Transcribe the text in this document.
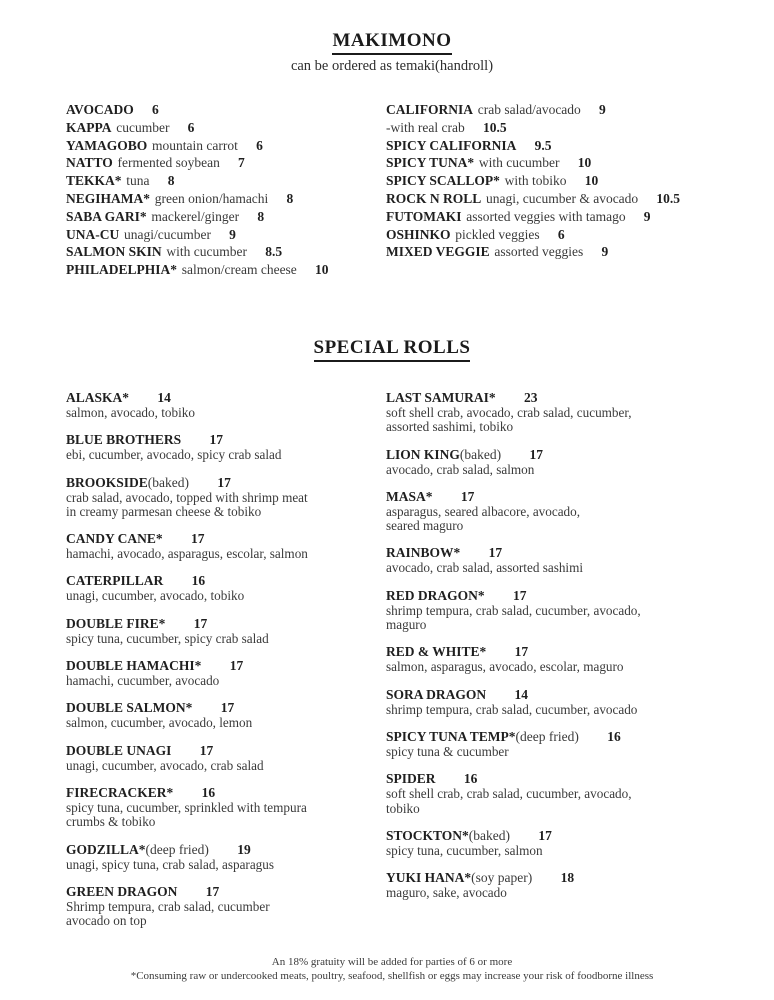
MAKIMONO
can be ordered as temaki(handroll)
AVOCADO 6
KAPPA cucumber 6
YAMAGOBO mountain carrot 6
NATTO fermented soybean 7
TEKKA* tuna 8
NEGIHAMA* green onion/hamachi 8
SABA GARI* mackerel/ginger 8
UNA-CU unagi/cucumber 9
SALMON SKIN with cucumber 8.5
PHILADELPHIA* salmon/cream cheese 10
CALIFORNIA crab salad/avocado 9
-with real crab 10.5
SPICY CALIFORNIA 9.5
SPICY TUNA* with cucumber 10
SPICY SCALLOP* with tobiko 10
ROCK N ROLL unagi, cucumber & avocado 10.5
FUTOMAKI assorted veggies with tamago 9
OSHINKO pickled veggies 6
MIXED VEGGIE assorted veggies 9
SPECIAL ROLLS
ALASKA* 14
salmon, avocado, tobiko
BLUE BROTHERS 17
ebi, cucumber, avocado, spicy crab salad
BROOKSIDE(baked) 17
crab salad, avocado, topped with shrimp meat
in creamy parmesan cheese & tobiko
CANDY CANE* 17
hamachi, avocado, asparagus, escolar, salmon
CATERPILLAR 16
unagi, cucumber, avocado, tobiko
DOUBLE FIRE* 17
spicy tuna, cucumber, spicy crab salad
DOUBLE HAMACHI* 17
hamachi, cucumber, avocado
DOUBLE SALMON* 17
salmon, cucumber, avocado, lemon
DOUBLE UNAGI 17
unagi, cucumber, avocado, crab salad
FIRECRACKER* 16
spicy tuna, cucumber, sprinkled with tempura
crumbs & tobiko
GODZILLA*(deep fried) 19
unagi, spicy tuna, crab salad, asparagus
GREEN DRAGON 17
Shrimp tempura, crab salad, cucumber
avocado on top
LAST SAMURAI* 23
soft shell crab, avocado, crab salad, cucumber,
assorted sashimi, tobiko
LION KING(baked) 17
avocado, crab salad, salmon
MASA* 17
asparagus, seared albacore, avocado,
seared maguro
RAINBOW* 17
avocado, crab salad, assorted sashimi
RED DRAGON* 17
shrimp tempura, crab salad, cucumber, avocado,
maguro
RED & WHITE* 17
salmon, asparagus, avocado, escolar, maguro
SORA DRAGON 14
shrimp tempura, crab salad, cucumber, avocado
SPICY TUNA TEMP*(deep fried) 16
spicy tuna & cucumber
SPIDER 16
soft shell crab, crab salad, cucumber, avocado,
tobiko
STOCKTON*(baked) 17
spicy tuna, cucumber, salmon
YUKI HANA*(soy paper) 18
maguro, sake, avocado
An 18% gratuity will be added for parties of 6 or more
*Consuming raw or undercooked meats, poultry, seafood, shellfish or eggs may increase your risk of foodborne illness
